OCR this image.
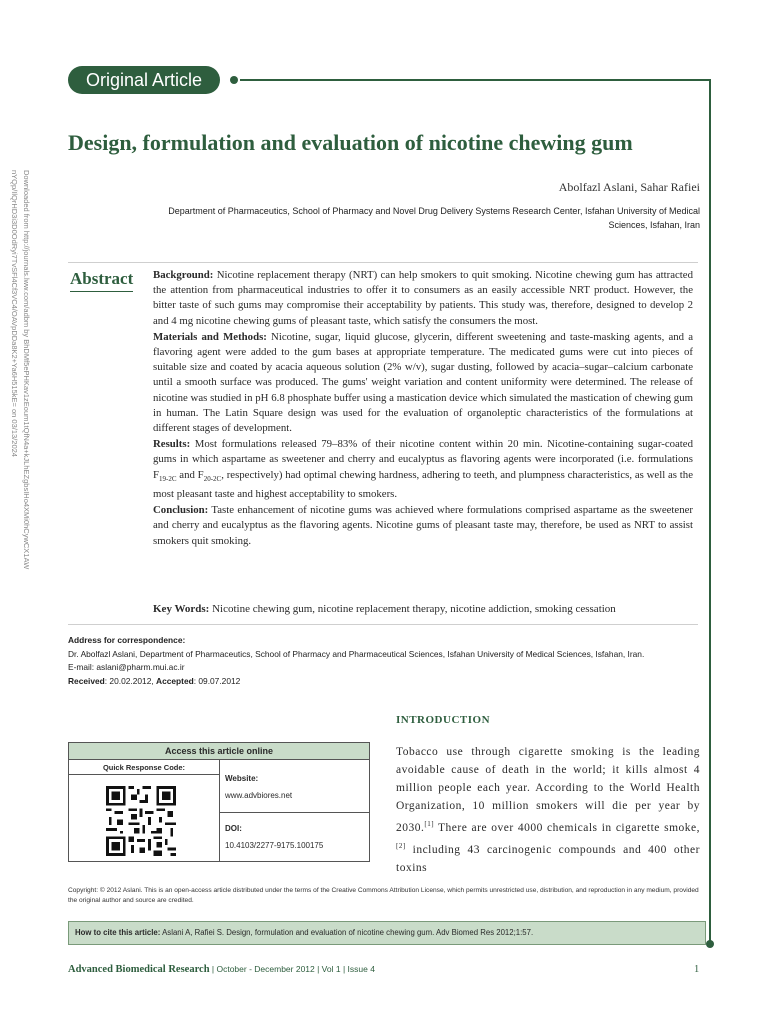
Original Article
Downloaded from http://journals.lww.com/adbm by BhDMf5ePHKav1zEoum1tQfN4a+kJLhEZgbsIHo4XMi0hCywCX1AW
nYQp/IlQrHD3i3D0OdRyi7TvSFl4Cf3VC4/OAVpDDa8K2+Ya6H515kE= on 03/13/2024
Design, formulation and evaluation of nicotine chewing gum
Abolfazl Aslani, Sahar Rafiei
Department of Pharmaceutics, School of Pharmacy and Novel Drug Delivery Systems Research Center, Isfahan University of Medical
Sciences, Isfahan, Iran
Abstract Background: Nicotine replacement therapy (NRT) can help smokers to quit smoking. Nicotine chewing gum has attracted the attention from pharmaceutical industries to offer it to consumers as an easily accessible NRT product. However, the bitter taste of such gums may compromise their acceptability by patients. This study was, therefore, designed to develop 2 and 4 mg nicotine chewing gums of pleasant taste, which satisfy the consumers the most.

Materials and Methods: Nicotine, sugar, liquid glucose, glycerin, different sweetening and taste-masking agents, and a flavoring agent were added to the gum bases at appropriate temperature. The medicated gums were cut into pieces of suitable size and coated by acacia aqueous solution (2% w/v), sugar dusting, followed by acacia–sugar–calcium carbonate until a smooth surface was produced. The gums' weight variation and content uniformity were determined. The release of nicotine was studied in pH 6.8 phosphate buffer using a mastication device which simulated the mastication of chewing gum in human. The Latin Square design was used for the evaluation of organoleptic characteristics of the formulations at different stages of development.

Results: Most formulations released 79–83% of their nicotine content within 20 min. Nicotine-containing sugar-coated gums in which aspartame as sweetener and cherry and eucalyptus as flavoring agents were incorporated (i.e. formulations $F_{19-2C}$ and $F_{20-2C}$, respectively) had optimal chewing hardness, adhering to teeth, and plumpness characteristics, as well as the most pleasant taste and highest acceptability to smokers.

Conclusion: Taste enhancement of nicotine gums was achieved where formulations comprised aspartame as the sweetener and cherry and eucalyptus as the flavoring agents. Nicotine gums of pleasant taste may, therefore, be used as NRT to assist smokers quit smoking.

Key Words: Nicotine chewing gum, nicotine replacement therapy, nicotine addiction, smoking cessation
Address for correspondence:
Dr. Abolfazl Aslani, Department of Pharmaceutics, School of Pharmacy and Pharmaceutical Sciences, Isfahan University of Medical Sciences, Isfahan, Iran.
E-mail: aslani@pharm.mui.ac.ir
Received: 20.02.2012, Accepted: 09.07.2012
Access this article online
Quick Response Code:
Website:
www.advbiores.net
DOI:
10.4103/2277-9175.100175
INTRODUCTION
Tobacco use through cigarette smoking is the leading avoidable cause of death in the world; it kills almost 4 million people each year. According to the World Health Organization, 10 million smokers will die per year by 2030.[1] There are over 4000 chemicals in cigarette smoke,[2] including 43 carcinogenic compounds and 400 other toxins
Copyright: © 2012 Aslani. This is an open-access article distributed under the terms of the Creative Commons Attribution License, which permits unrestricted use, distribution, and reproduction in any medium, provided the original author and source are credited.
How to cite this article: Aslani A, Rafiei S. Design, formulation and evaluation of nicotine chewing gum. Adv Biomed Res 2012;1:57.
Advanced Biomedical Research | October - December 2012 | Vol 1 | Issue 4	1
